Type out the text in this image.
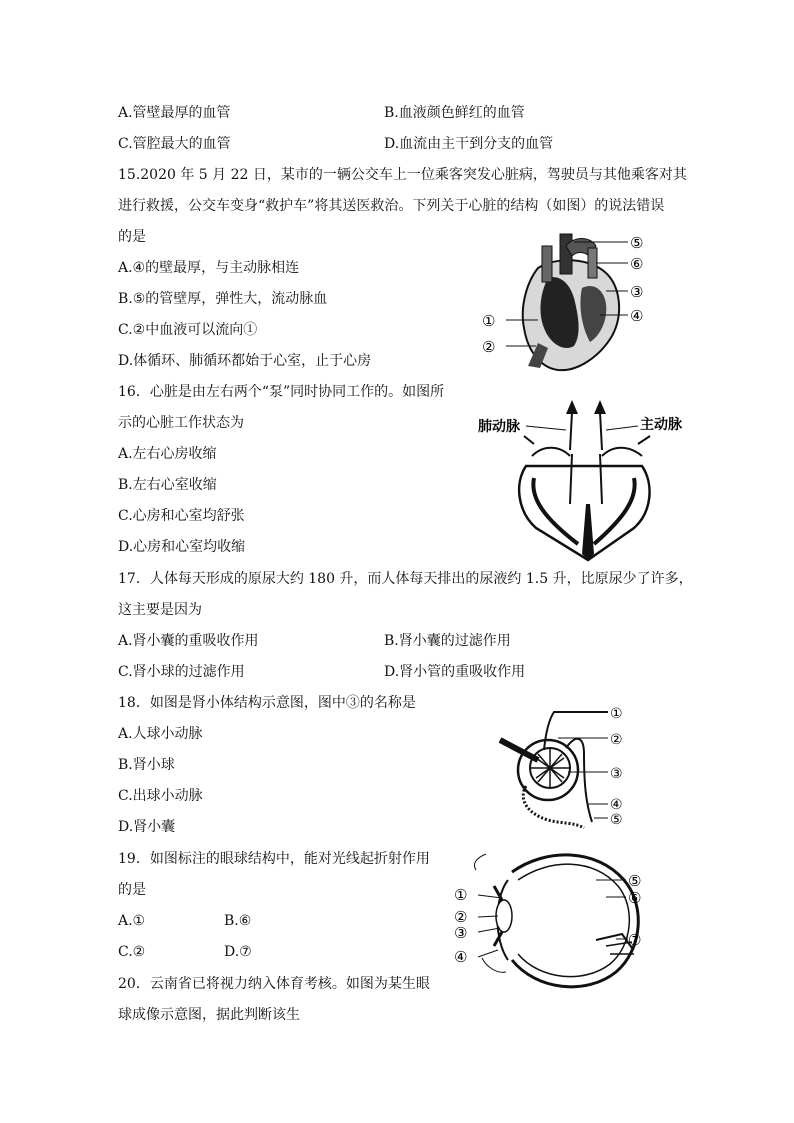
A.管壁最厚的血管	B.血液颜色鲜红的血管
C.管腔最大的血管	D.血流由主干到分支的血管
15.2020 年 5 月 22 日，某市的一辆公交车上一位乘客突发心脏病，驾驶员与其他乘客对其
进行救援，公交车变身“救护车”将其送医救治。下列关于心脏的结构（如图）的说法错误
的是
A.④的壁最厚，与主动脉相连
B.⑤的管壁厚，弹性大，流动脉血
C.②中血液可以流向①
D.体循环、肺循环都始于心室，止于心房
⑤
⑥
③
④
①
②
16．心脏是由左右两个“泵”同时协同工作的。如图所
示的心脏工作状态为
A.左右心房收缩
B.左右心室收缩
C.心房和心室均舒张
D.心房和心室均收缩
肺动脉	主动脉
17．人体每天形成的原尿大约 180 升，而人体每天排出的尿液约 1.5 升，比原尿少了许多，
这主要是因为
A.肾小囊的重吸收作用	B.肾小囊的过滤作用
C.肾小球的过滤作用	D.肾小管的重吸收作用
18．如图是肾小体结构示意图，图中③的名称是
A.人球小动脉
B.肾小球
C.出球小动脉
D.肾小囊
①
②
③
④
⑤
19．如图标注的眼球结构中，能对光线起折射作用
的是
A.①	B.⑥
C.②	D.⑦
⑤
⑥
⑦
①
②
③
④
20．云南省已将视力纳入体育考核。如图为某生眼
球成像示意图，据此判断该生
